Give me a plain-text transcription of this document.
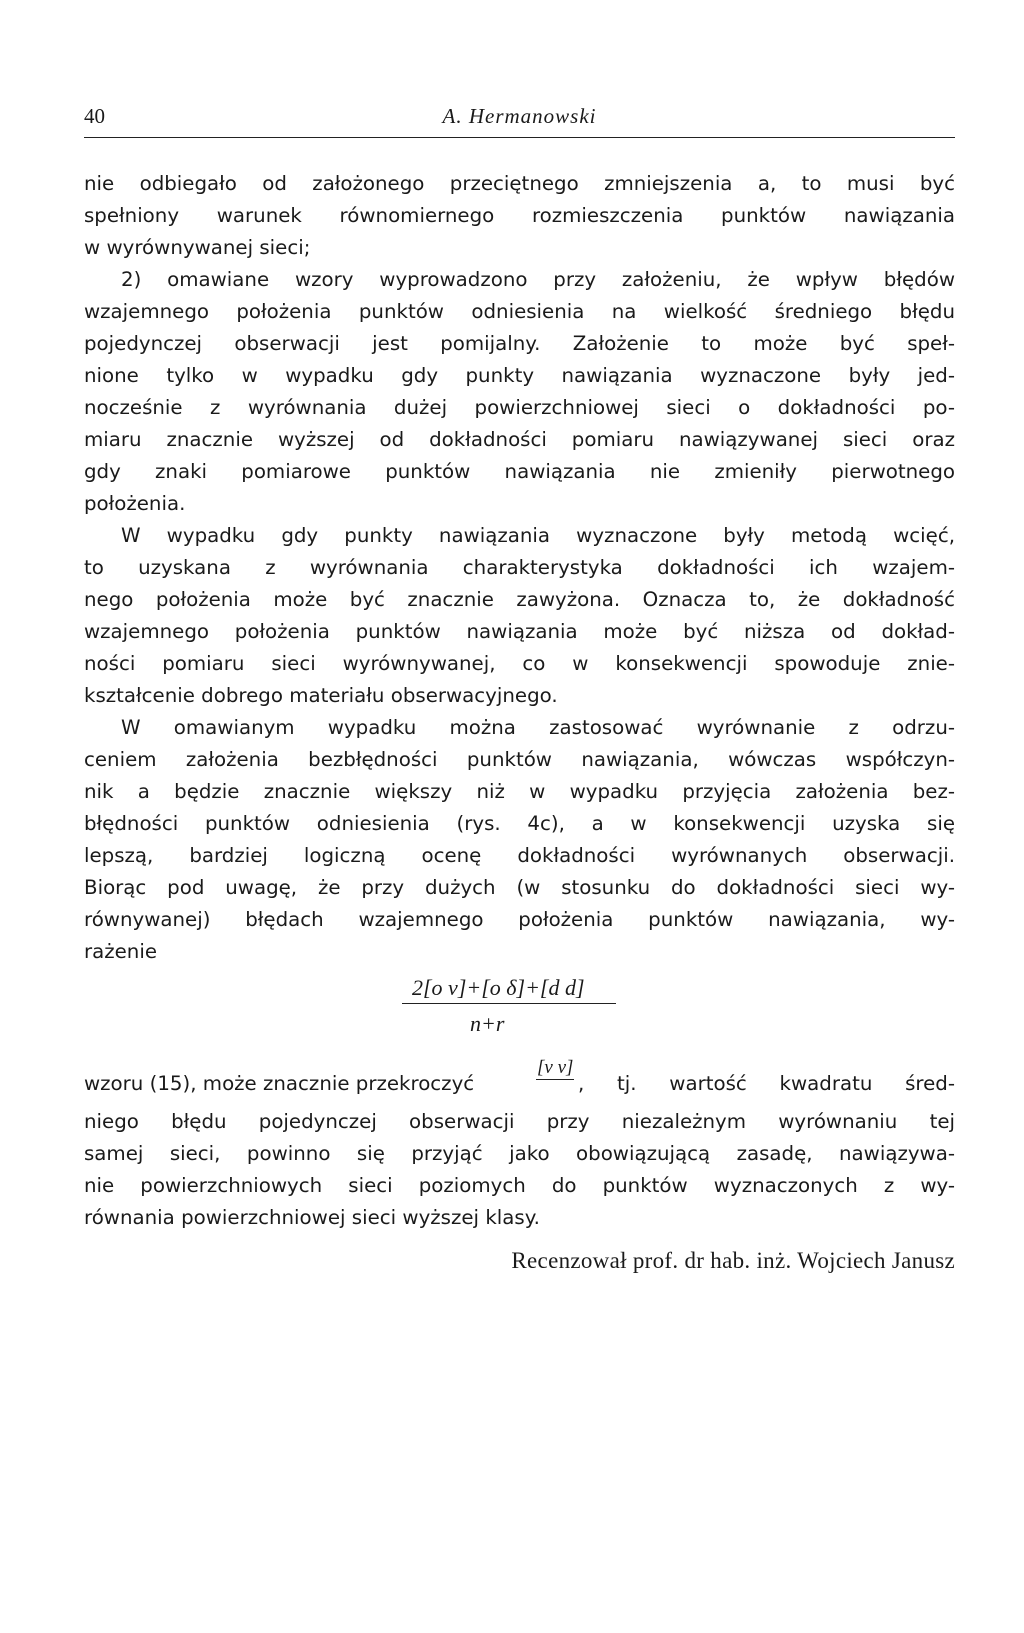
40	A. Hermanowski
nie odbiegało od założonego przeciętnego zmniejszenia a, to musi być
spełniony warunek równomiernego rozmieszczenia punktów nawiązania
w wyrównywanej sieci;
2) omawiane wzory wyprowadzono przy założeniu, że wpływ błędów
wzajemnego położenia punktów odniesienia na wielkość średniego błędu
pojedynczej obserwacji jest pomijalny. Założenie to może być speł-
nione tylko w wypadku gdy punkty nawiązania wyznaczone były jed-
nocześnie z wyrównania dużej powierzchniowej sieci o dokładności po-
miaru znacznie wyższej od dokładności pomiaru nawiązywanej sieci oraz
gdy znaki pomiarowe punktów nawiązania nie zmieniły pierwotnego
położenia.
W wypadku gdy punkty nawiązania wyznaczone były metodą wcięć,
to uzyskana z wyrównania charakterystyka dokładności ich wzajem-
nego położenia może być znacznie zawyżona. Oznacza to, że dokładność
wzajemnego położenia punktów nawiązania może być niższa od dokład-
ności pomiaru sieci wyrównywanej, co w konsekwencji spowoduje znie-
kształcenie dobrego materiału obserwacyjnego.
W omawianym wypadku można zastosować wyrównanie z odrzu-
ceniem założenia bezbłędności punktów nawiązania, wówczas współczyn-
nik a będzie znacznie większy niż w wypadku przyjęcia założenia bez-
błędności punktów odniesienia (rys. 4c), a w konsekwencji uzyska się
lepszą, bardziej logiczną ocenę dokładności wyrównanych obserwacji.
Biorąc pod uwagę, że przy dużych (w stosunku do dokładności sieci wy-
równywanej) błędach wzajemnego położenia punktów nawiązania, wy-
rażenie
2[o v]+[o δ]+[d d]
n+r
wzoru (15), może znacznie przekroczyć
[v v]
, tj. wartość kwadratu śred-
niego błędu pojedynczej obserwacji przy niezależnym wyrównaniu tej
samej sieci, powinno się przyjąć jako obowiązującą zasadę, nawiązywa-
nie powierzchniowych sieci poziomych do punktów wyznaczonych z wy-
równania powierzchniowej sieci wyższej klasy.
Recenzował prof. dr hab. inż. Wojciech Janusz
